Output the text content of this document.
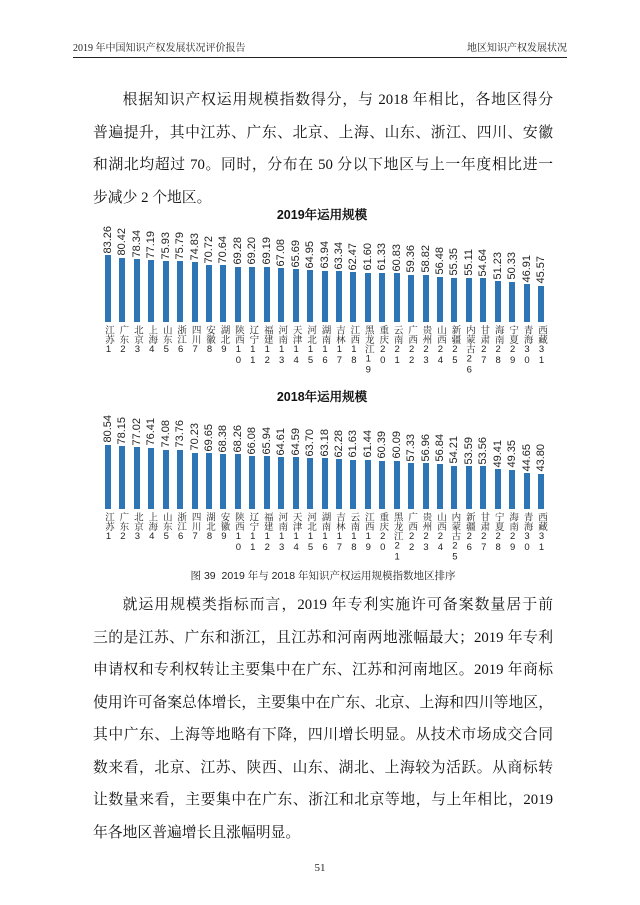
2019 年中国知识产权发展状况评价报告	地区知识产权发展状况
根据知识产权运用规模指数得分，与 2018 年相比，各地区得分
普遍提升，其中江苏、广东、北京、上海、山东、浙江、四川、安徽
和湖北均超过 70。同时，分布在 50 分以下地区与上一年度相比进一
步减少 2 个地区。
2019年运用规模
83.26
江苏1
80.42
广东2
78.34
北京3
77.19
上海4
75.93
山东5
75.79
浙江6
74.83
四川7
70.72
安徽8
70.64
湖北9
69.28
陕西10
69.20
辽宁11
69.19
福建12
67.08
河南13
65.69
天津14
64.95
河北15
63.94
湖南16
63.34
吉林17
62.47
江西18
61.60
黑龙江19
61.33
重庆20
60.83
云南21
59.36
广西22
58.82
贵州23
56.48
山西24
55.35
新疆25
55.11
内蒙古26
54.64
甘肃27
51.23
海南28
50.33
宁夏29
46.91
青海30
45.57
西藏31
2018年运用规模
80.54
江苏1
78.15
广东2
77.02
北京3
76.41
上海4
74.08
山东5
73.76
浙江6
70.23
四川7
69.65
湖北8
68.38
安徽9
68.26
陕西10
66.08
辽宁11
65.94
福建12
64.61
河南13
64.59
天津14
63.70
河北15
63.18
湖南16
62.28
吉林17
61.63
云南18
61.44
江西19
60.39
重庆20
60.09
黑龙江21
57.33
广西22
56.96
贵州23
56.84
山西24
54.21
内蒙古25
53.59
新疆26
53.56
甘肃27
49.41
宁夏28
49.35
海南29
44.65
青海30
43.80
西藏31
图 39  2019 年与 2018 年知识产权运用规模指数地区排序
就运用规模类指标而言，2019 年专利实施许可备案数量居于前
三的是江苏、广东和浙江，且江苏和河南两地涨幅最大；2019 年专利
申请权和专利权转让主要集中在广东、江苏和河南地区。2019 年商标
使用许可备案总体增长，主要集中在广东、北京、上海和四川等地区，
其中广东、上海等地略有下降，四川增长明显。从技术市场成交合同
数来看，北京、江苏、陕西、山东、湖北、上海较为活跃。从商标转
让数量来看，主要集中在广东、浙江和北京等地，与上年相比，2019
年各地区普遍增长且涨幅明显。
51
